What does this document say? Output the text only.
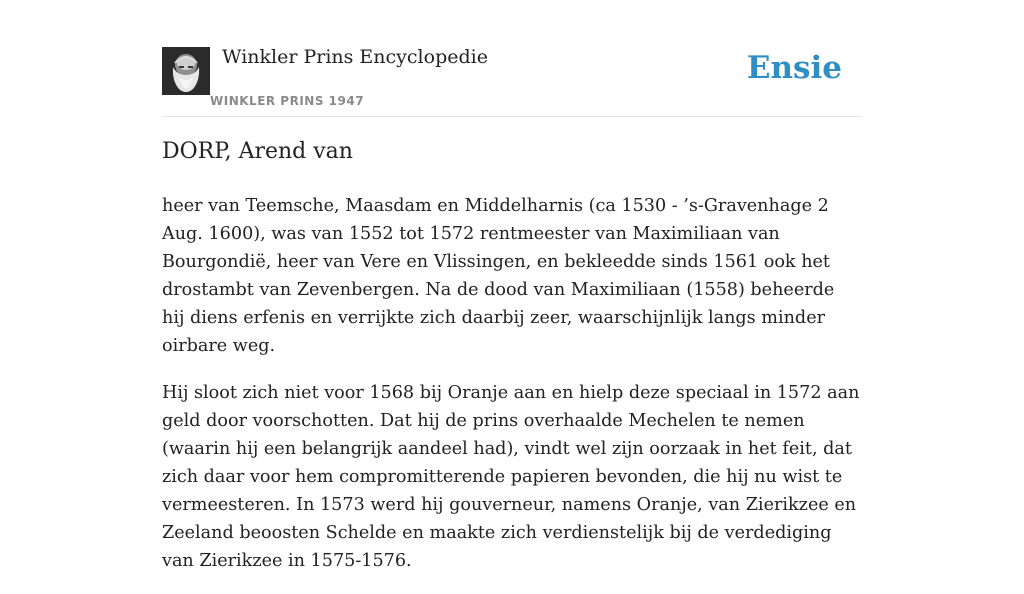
Winkler Prins Encyclopedie
WINKLER PRINS 1947
Ensie
DORP, Arend van

heer van Teemsche, Maasdam en Middelharnis (ca 1530 - ’s-Gravenhage 2 Aug. 1600), was van 1552 tot 1572 rentmeester van Maximiliaan van Bourgondië, heer van Vere en Vlissingen, en bekleedde sinds 1561 ook het drostambt van Zevenbergen. Na de dood van Maximiliaan (1558) beheerde hij diens erfenis en verrijkte zich daarbij zeer, waarschijnlijk langs minder oirbare weg.

Hij sloot zich niet voor 1568 bij Oranje aan en hielp deze speciaal in 1572 aan geld door voorschotten. Dat hij de prins overhaalde Mechelen te nemen (waarin hij een belangrijk aandeel had), vindt wel zijn oorzaak in het feit, dat zich daar voor hem compromitterende papieren bevonden, die hij nu wist te vermeesteren. In 1573 werd hij gouverneur, namens Oranje, van Zierikzee en Zeeland beoosten Schelde en maakte zich verdienstelijk bij de verdediging van Zierikzee in 1575-1576.
